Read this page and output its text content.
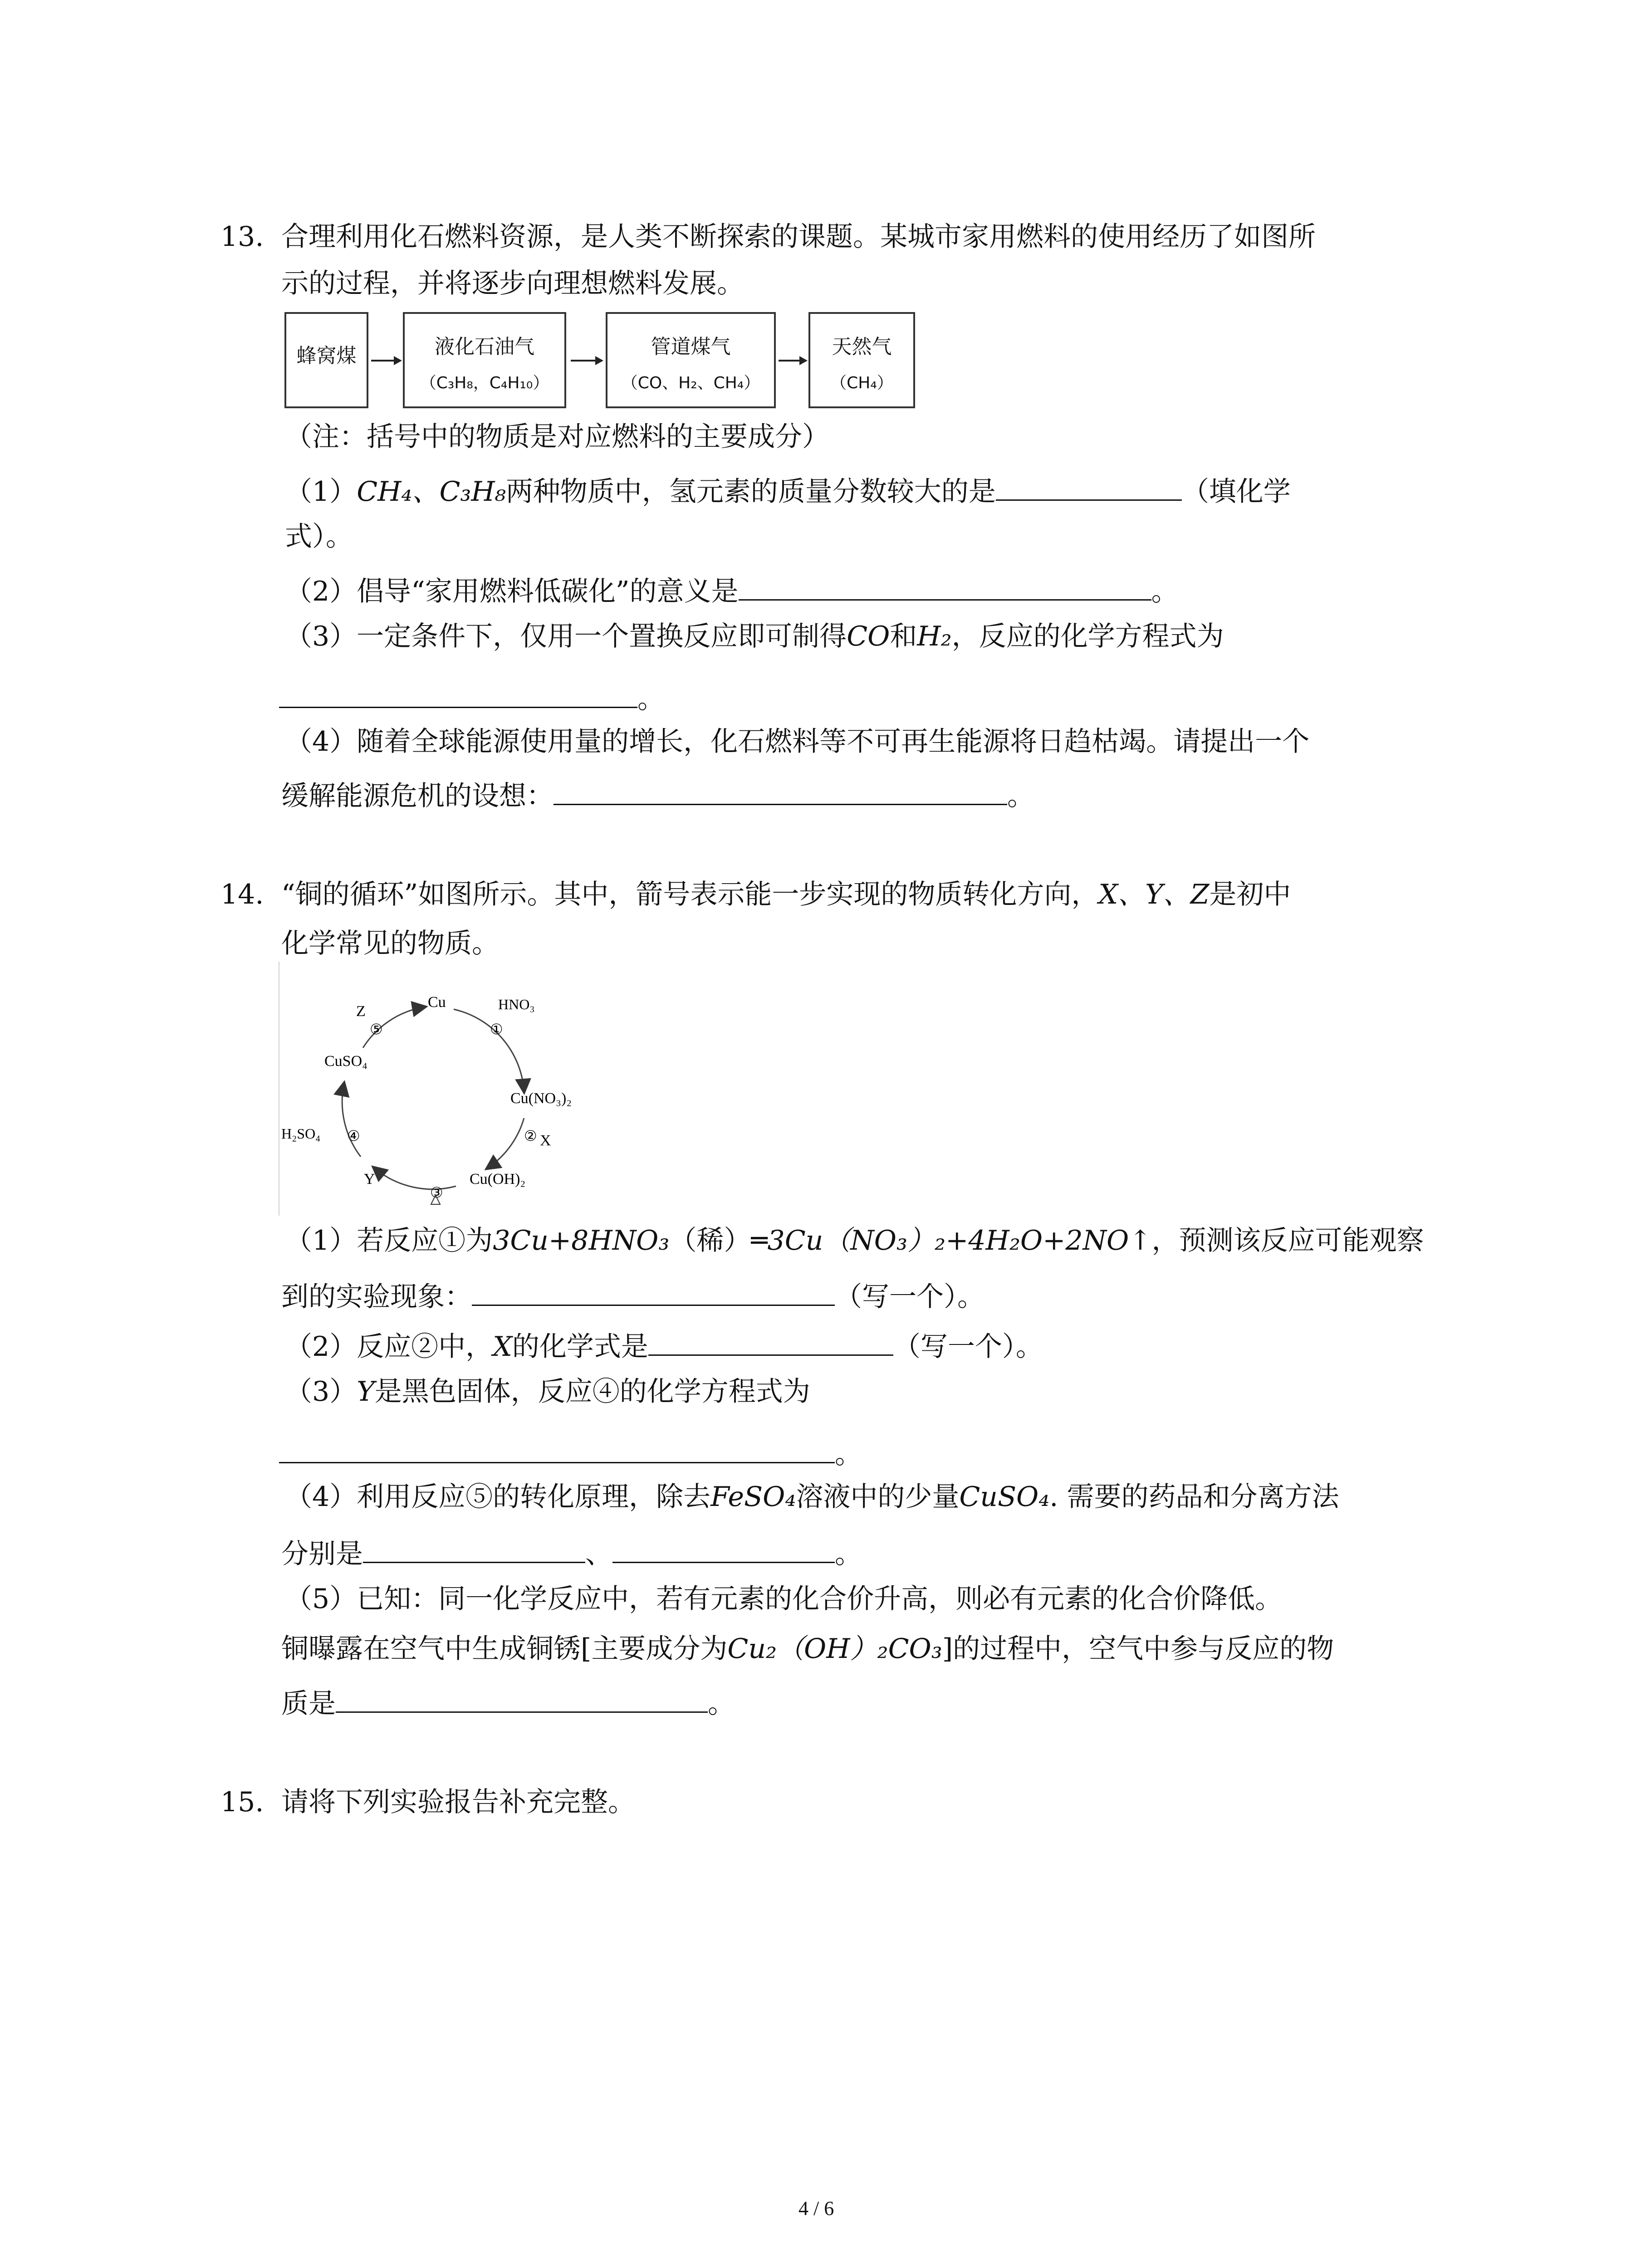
13. 合理利用化石燃料资源，是人类不断探索的课题。某城市家用燃料的使用经历了如图所
示的过程，并将逐步向理想燃料发展。
蜂窝煤	液化石油气
（C₃H₈，C₄H₁₀）
管道煤气
（CO、H₂、CH₄）
天然气
（CH₄）
（注：括号中的物质是对应燃料的主要成分）
（1）CH₄、C₃H₈两种物质中，氢元素的质量分数较大的是	（填化学
式）。
（2）倡导“家用燃料低碳化”的意义是	。
（3）一定条件下，仅用一个置换反应即可制得CO和H₂，反应的化学方程式为
。
（4）随着全球能源使用量的增长，化石燃料等不可再生能源将日趋枯竭。请提出一个
缓解能源危机的设想：	。
14. “铜的循环”如图所示。其中，箭号表示能一步实现的物质转化方向，X、Y、Z是初中
化学常见的物质。
Cu	HNO₃
①
Cu(NO₃)₂
② X
Cu(OH)₂
③
Y
④
H₂SO₄
CuSO₄
⑤
Z
（1）若反应①为3Cu+8HNO₃（稀）═3Cu（NO₃）₂+4H₂O+2NO↑，预测该反应可能观察
到的实验现象：	（写一个）。
（2）反应②中，X的化学式是	（写一个）。
（3）Y是黑色固体，反应④的化学方程式为
。
（4）利用反应⑤的转化原理，除去FeSO₄溶液中的少量CuSO₄. 需要的药品和分离方法
分别是	、	。
（5）已知：同一化学反应中，若有元素的化合价升高，则必有元素的化合价降低。
铜曝露在空气中生成铜锈[主要成分为Cu₂（OH）₂CO₃]的过程中，空气中参与反应的物
质是	。
15. 请将下列实验报告补充完整。
4 / 6
